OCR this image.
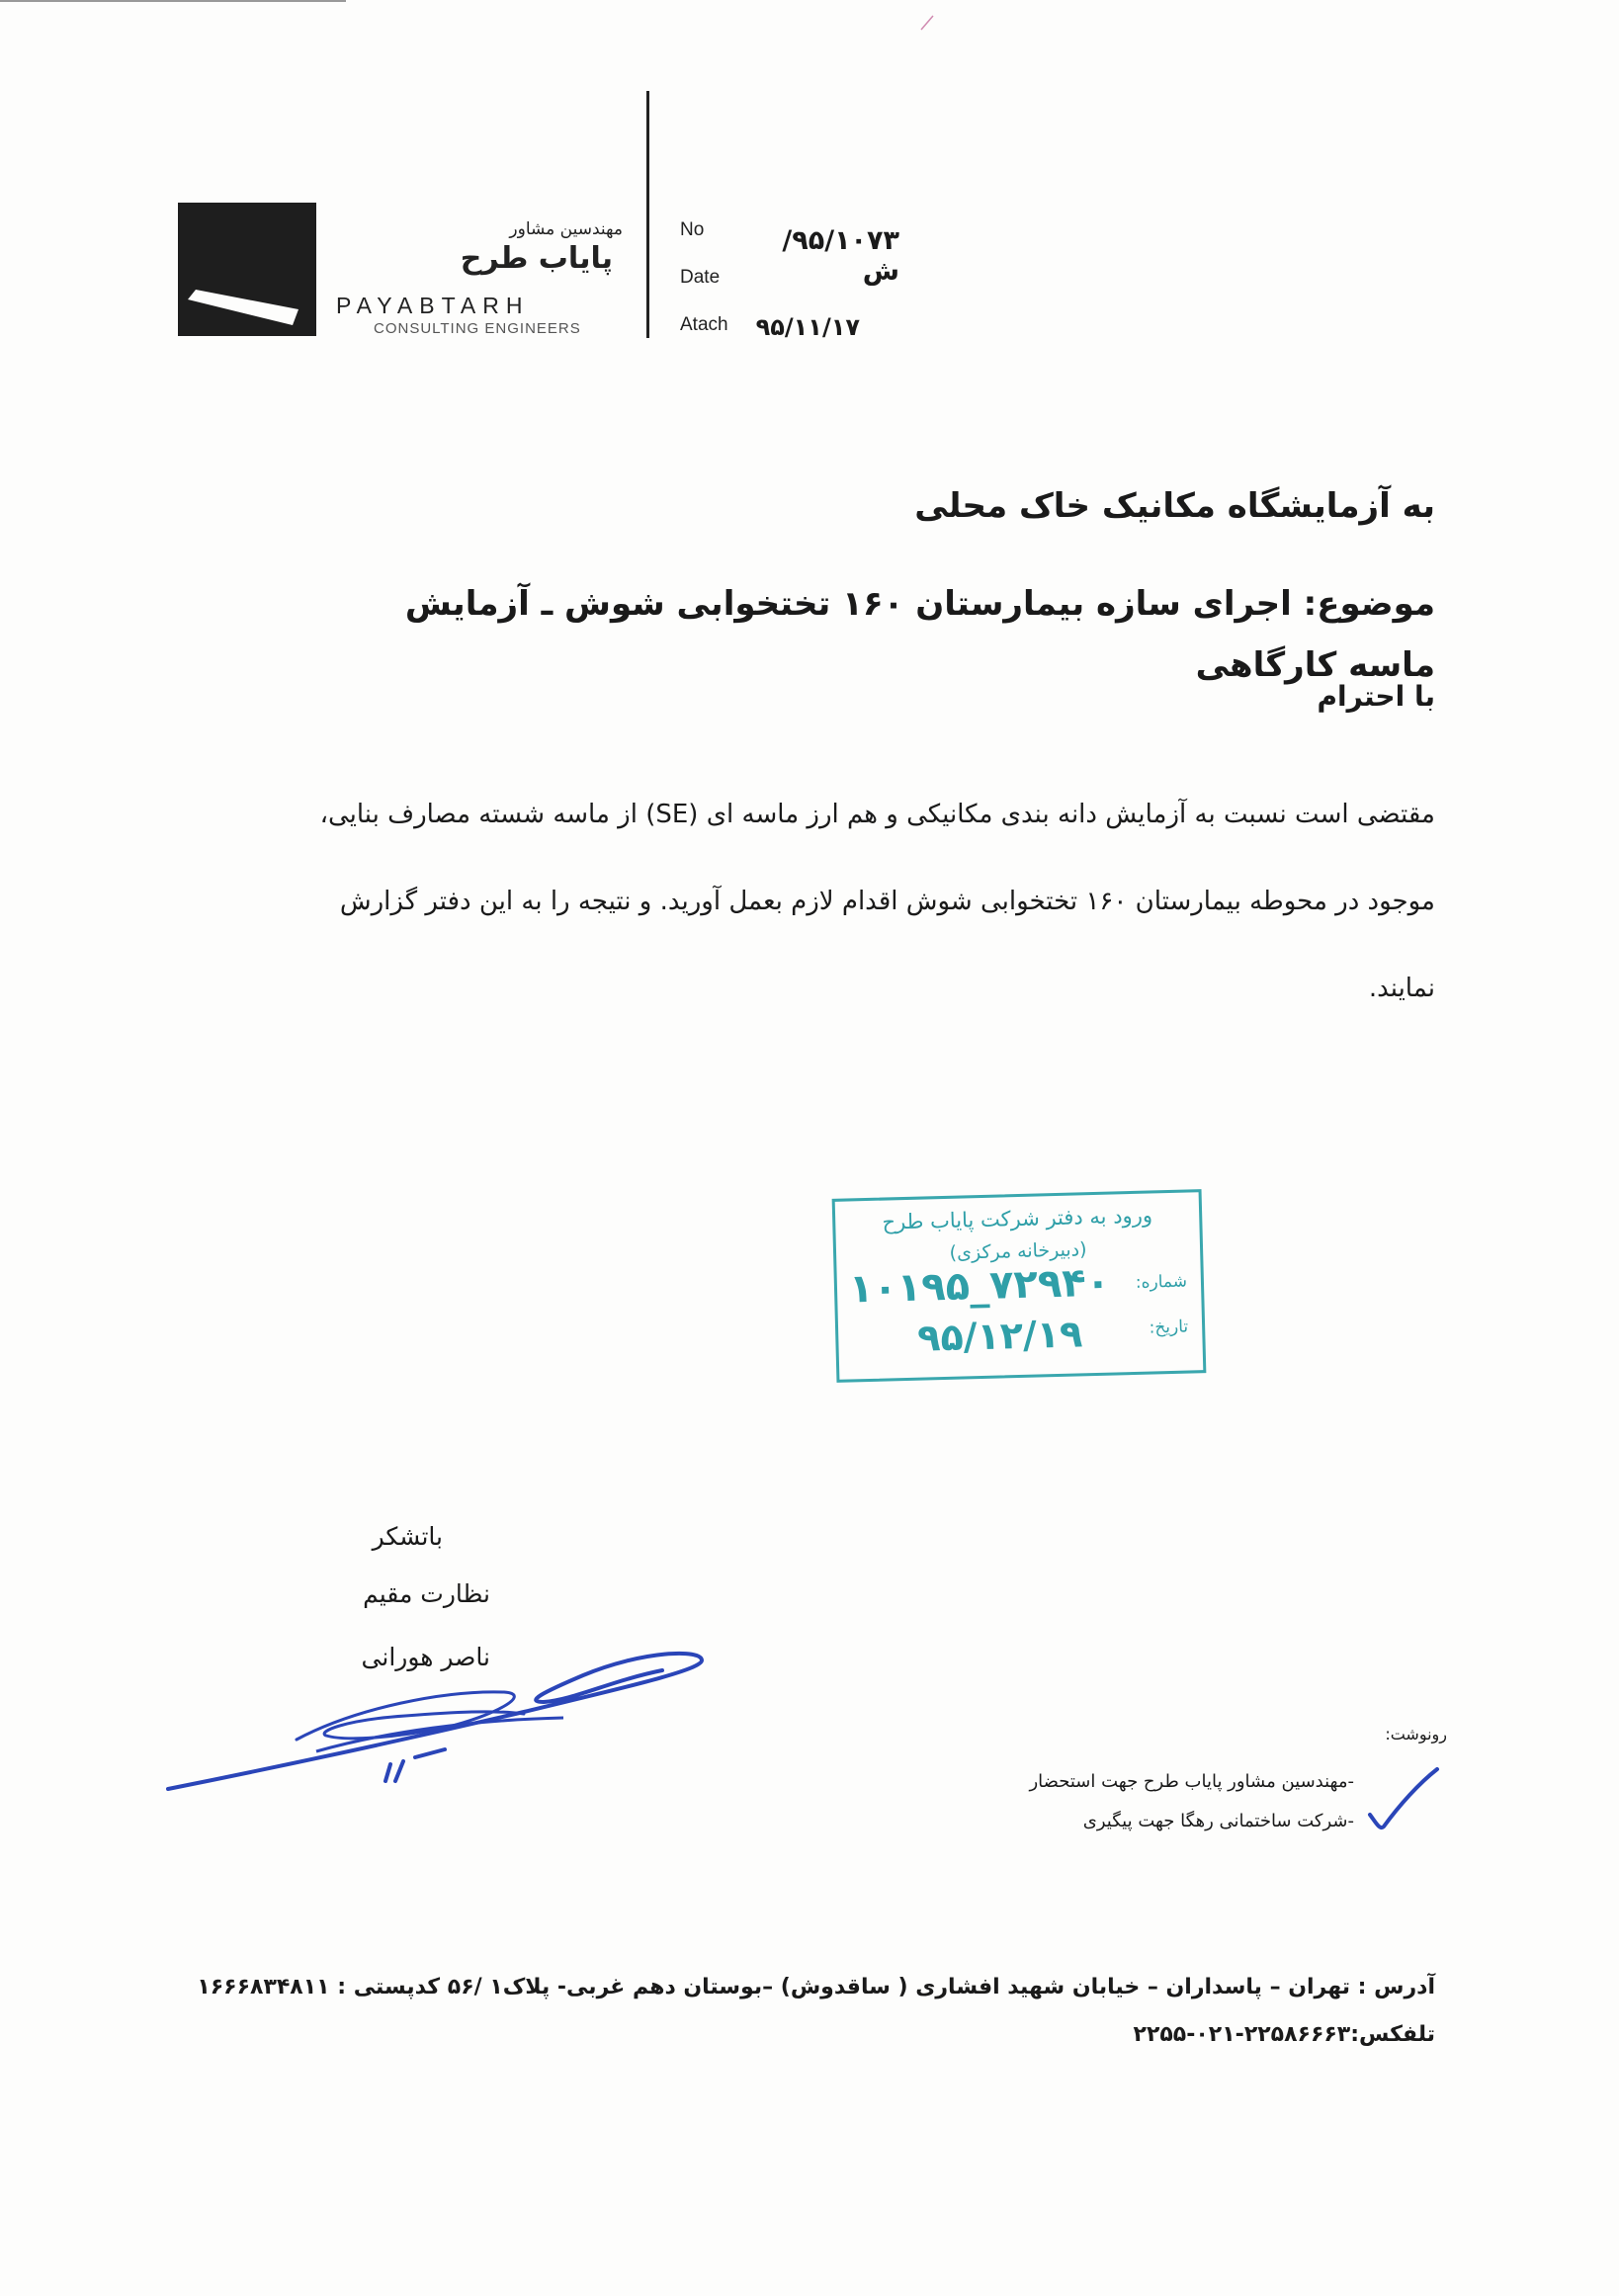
مهندسین مشاور
پایاب طرح
PAYABTARH
CONSULTING ENGINEERS
No
Date
Atach
۹۵/۱۰۷۳/ش
۹۵/۱۱/۱۷
به آزمایشگاه مکانیک خاک محلی
موضوع: اجرای سازه بیمارستان ۱۶۰ تختخوابی شوش ـ آزمایش ماسه کارگاهی
با احترام
مقتضی است نسبت به آزمایش دانه بندی مکانیکی و هم ارز ماسه ای (SE) از ماسه شسته مصارف بنایی، موجود در محوطه بیمارستان ۱۶۰ تختخوابی شوش اقدام لازم بعمل آورید. و نتیجه را به این دفتر گزارش نمایند.
ورود به دفتر شرکت پایاب طرح
(دبیرخانه مرکزی)
شماره:
تاریخ:
۱۰۱۹۵_۷۲۹۴۰
۹۵/۱۲/۱۹
باتشکر
نظارت مقیم
ناصر هورانی
رونوشت:
-مهندسین مشاور پایاب طرح جهت استحضار
-شرکت ساختمانی رهگا جهت پیگیری
آدرس : تهران – پاسداران – خیابان شهید افشاری ( ساقدوش) –بوستان دهم غربی- پلاک۱ /۵۶ کدپستی : ۱۶۶۶۸۳۴۸۱۱
تلفکس:۲۲۵۸۶۶۶۳-۰۲۱-۲۲۵۵
